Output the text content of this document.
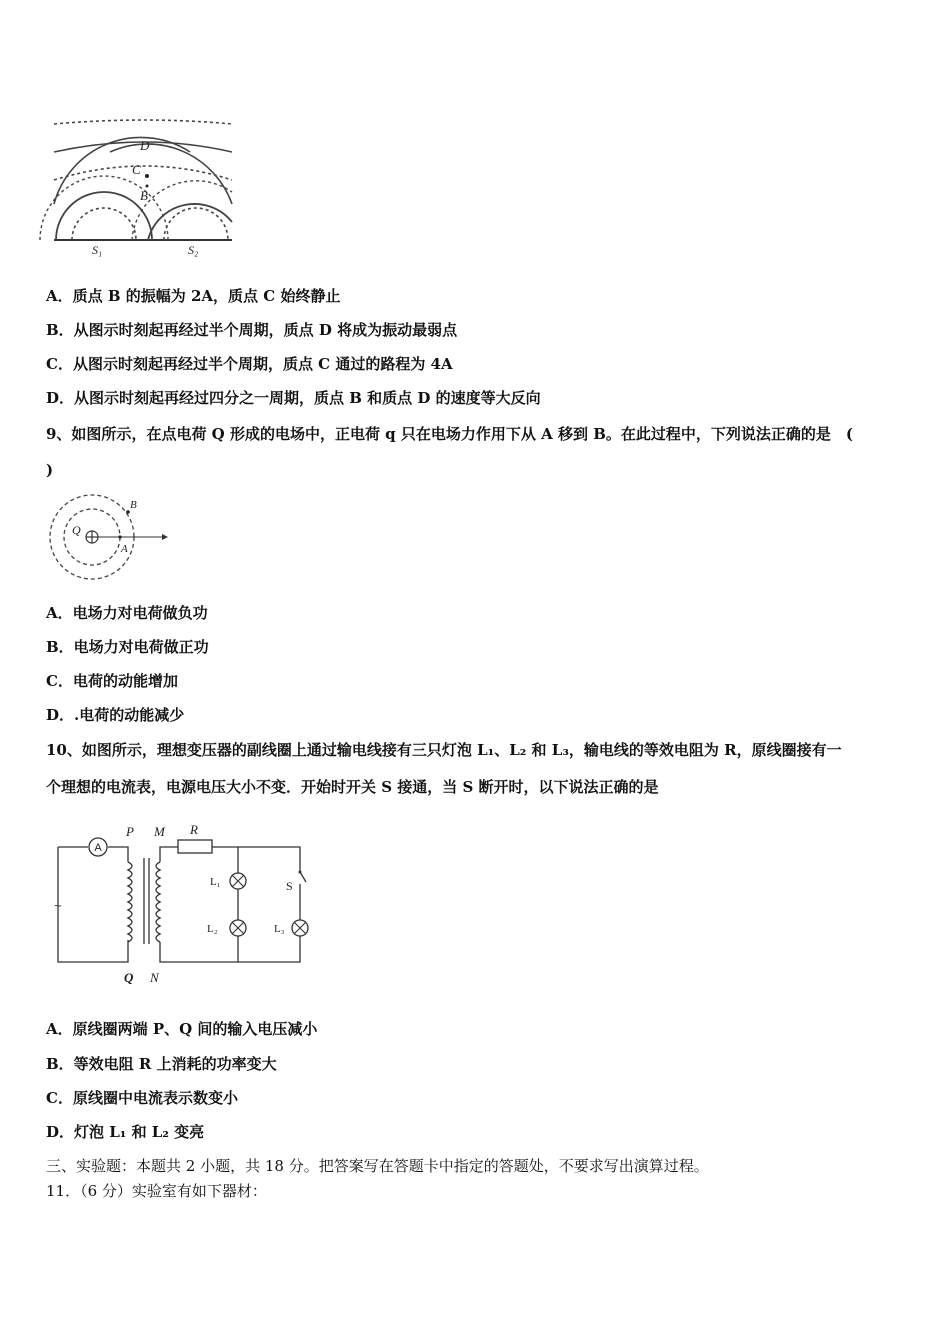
D
C
B
S₁	S₂
A．质点 B 的振幅为 2A，质点 C 始终静止
B．从图示时刻起再经过半个周期，质点 D 将成为振动最弱点
C．从图示时刻起再经过半个周期，质点 C 通过的路程为 4A
D．从图示时刻起再经过四分之一周期，质点 B 和质点 D 的速度等大反向
9、如图所示，在点电荷 Q 形成的电场中，正电荷 q 只在电场力作用下从 A 移到 B。在此过程中，下列说法正确的是　(
)
Q
A
B
A．电场力对电荷做负功
B．电场力对电荷做正功
C．电荷的动能增加
D．.电荷的动能减少
10、如图所示，理想变压器的副线圈上通过输电线接有三只灯泡 L₁、L₂ 和 L₃，输电线的等效电阻为 R，原线圈接有一
个理想的电流表，电源电压大小不变．开始时开关 S 接通，当 S 断开时，以下说法正确的是
A
~
P M R
Q N
L₁
L₂	L₃
S
A．原线圈两端 P、Q 间的输入电压减小
B．等效电阻 R 上消耗的功率变大
C．原线圈中电流表示数变小
D．灯泡 L₁ 和 L₂ 变亮
三、实验题：本题共 2 小题，共 18 分。把答案写在答题卡中指定的答题处，不要求写出演算过程。
11．（6 分）实验室有如下器材：
